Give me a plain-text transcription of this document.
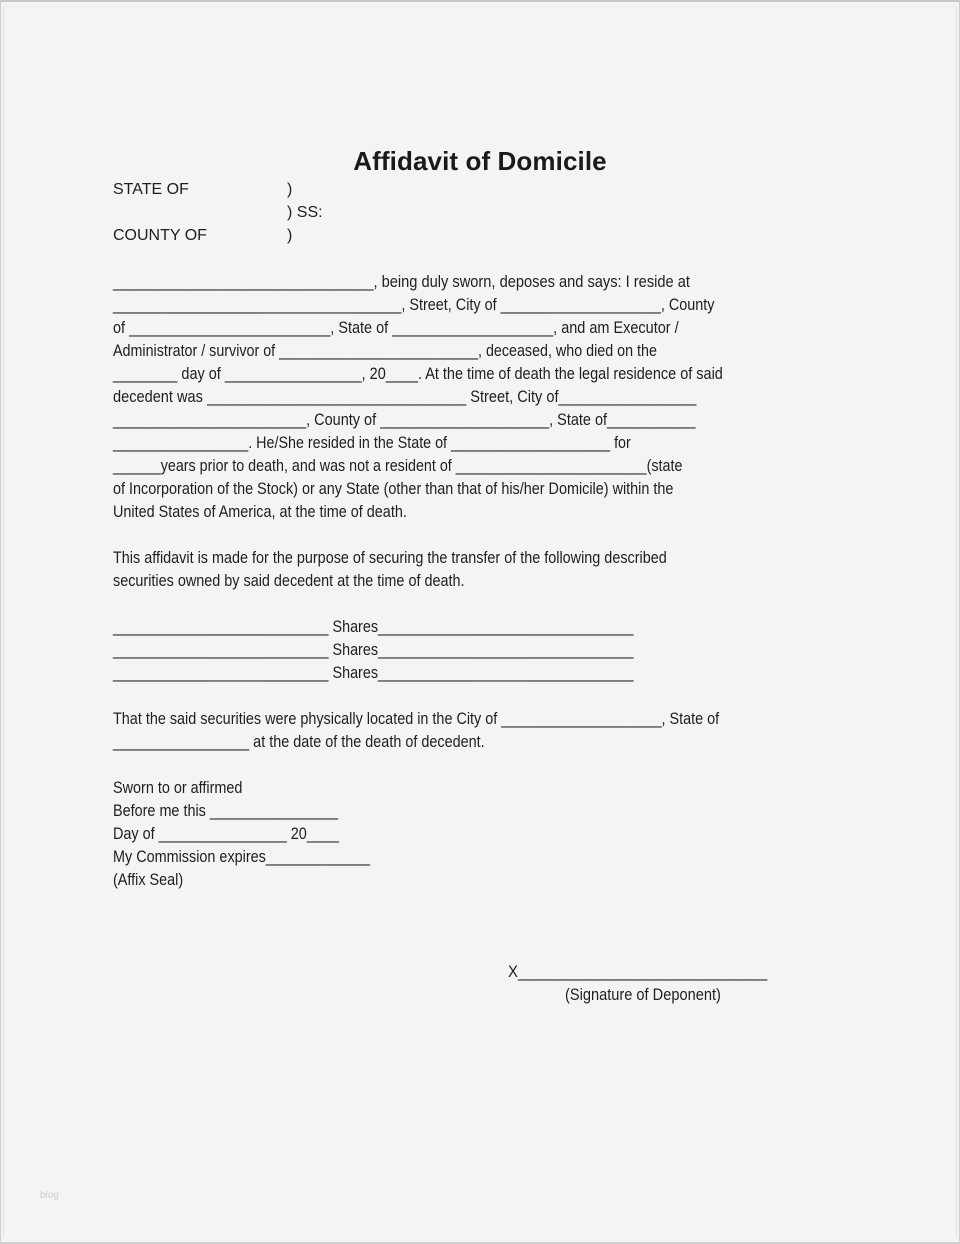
Affidavit of Domicile
STATE OF	)
) SS:
COUNTY OF	)
________________________________, being duly sworn, deposes and says: I reside at
____________________________________, Street, City of ____________________, County
of _________________________, State of ____________________, and am Executor /
Administrator / survivor of _________________________, deceased, who died on the
________ day of _________________, 20____. At the time of death the legal residence of said
decedent was ________________________________ Street, City of_________________
________________________, County of _____________________, State of___________
_________________. He/She resided in the State of ____________________ for
______years prior to death, and was not a resident of ________________________(state
of Incorporation of the Stock) or any State (other than that of his/her Domicile) within the
United States of America, at the time of death.
This affidavit is made for the purpose of securing the transfer of the following described
securities owned by said decedent at the time of death.
___________________________ Shares________________________________
___________________________ Shares________________________________
___________________________ Shares________________________________
That the said securities were physically located in the City of ____________________, State of
_________________ at the date of the death of decedent.
Sworn to or affirmed
Before me this ________________
Day of ________________ 20____
My Commission expires_____________
(Affix Seal)
X______________________________
(Signature of Deponent)
blog
